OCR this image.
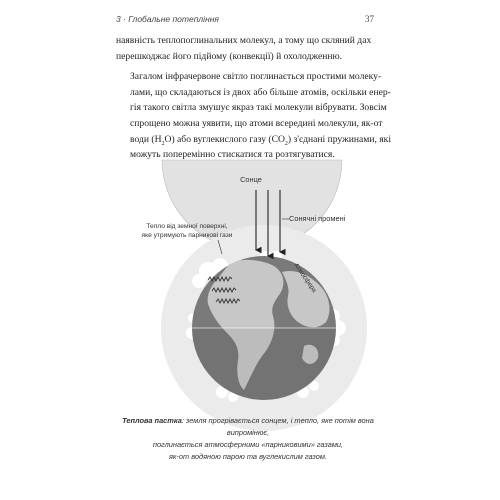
3 · Глобальне потепління	37

наявність теплопоглинальних молекул, а тому що скляний дах
перешкоджає його підйому (конвекції) й охолодженню.

Загалом інфрачервоне світло поглинається простими молеку-
лами, що складаються із двох або більше атомів, оскільки енер-
гія такого світла змушує якраз такі молекули вібрувати. Зовсім
спрощено можна уявити, що атоми всередині молекули, як-от
води $(H_2O)$ або вуглекислого газу $(CO_2)$ з'єднані пружинами, які
можуть поперемінно стискатися та розтягуватися.

Сонце
Сонячні промені
Тепло від земної поверхні,
яке утримують парникові гази
Атмосфера
Теплова пастка: земля прогрівається сонцем, і тепло, яке потім вона випромінює,
поглинається атмосферними «парниковими» газами,
як-от водяною парою та вуглекислим газом.
